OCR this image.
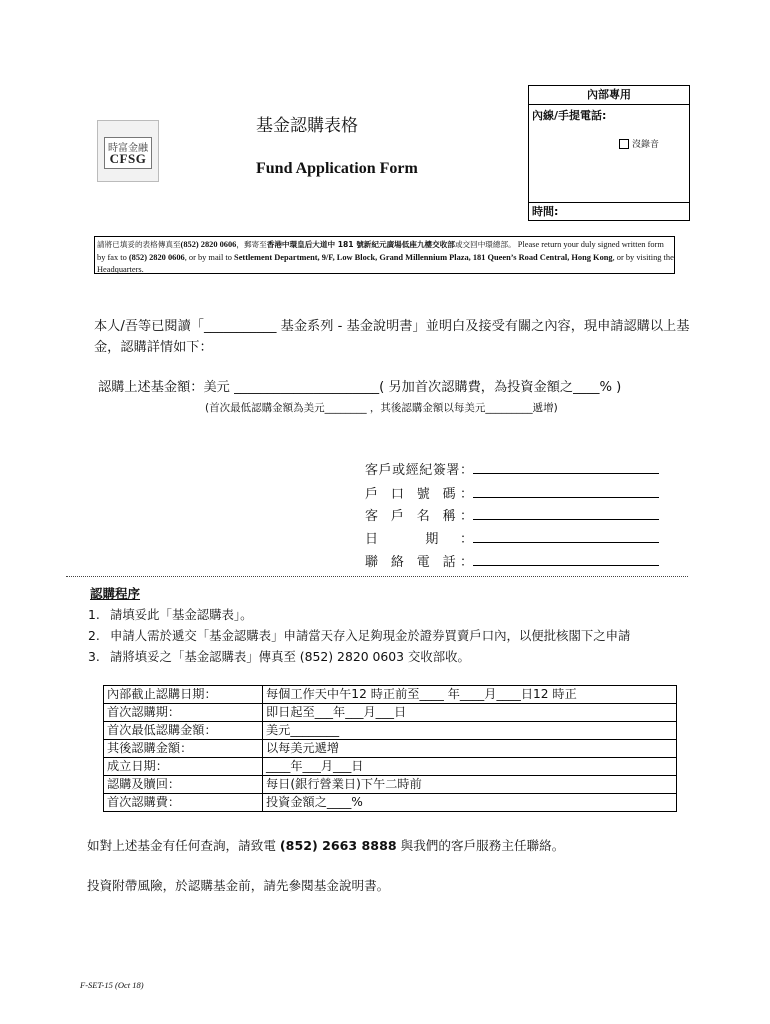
時富金融
CFSG
基金認購表格
Fund Application Form
內部專用
內線/手提電話:
沒錄音
時間:
請將已填妥的表格傳真至(852) 2820 0606，郵寄至香港中環皇后大道中 181 號新紀元廣場低座九樓交收部或交回中環總部。 Please return your duly signed written form by fax to (852) 2820 0606, or by mail to Settlement Department, 9/F, Low Block, Grand Millennium Plaza, 181 Queen’s Road Central, Hong Kong, or by visiting the Headquarters.
本人/吾等已閱讀「___________ 基金系列 - 基金說明書」並明白及接受有關之內容，現申請認購以上基金，認購詳情如下：
認購上述基金額：美元 ______________________( 另加首次認購費，為投資金額之____% )
(首次最低認購金額為美元________ ，其後認購金額以每美元_________遞增)
客戶或經紀簽署：
戶 口 號 碼：
客 戶 名 稱：
日 期：
聯 絡 電 話：
認購程序
1. 請填妥此「基金認購表」。
2. 申請人需於遞交「基金認購表」申請當天存入足夠現金於證券買賣戶口內，以便批核閣下之申請
3. 請將填妥之「基金認購表」傳真至 (852) 2820 0603 交收部收。
內部截止認購日期：	每個工作天中午12 時正前至____ 年____月____日12 時正
首次認購期：	即日起至___年___月___日
首次最低認購金額：	美元________
其後認購金額：	以每美元遞增
成立日期：	____年___月___日
認購及贖回：	每日(銀行營業日)下午二時前
首次認購費：	投資金額之____%
如對上述基金有任何查詢，請致電 (852) 2663 8888 與我們的客戶服務主任聯絡。
投資附帶風險，於認購基金前，請先參閱基金說明書。
F-SET-15 (Oct 18)
